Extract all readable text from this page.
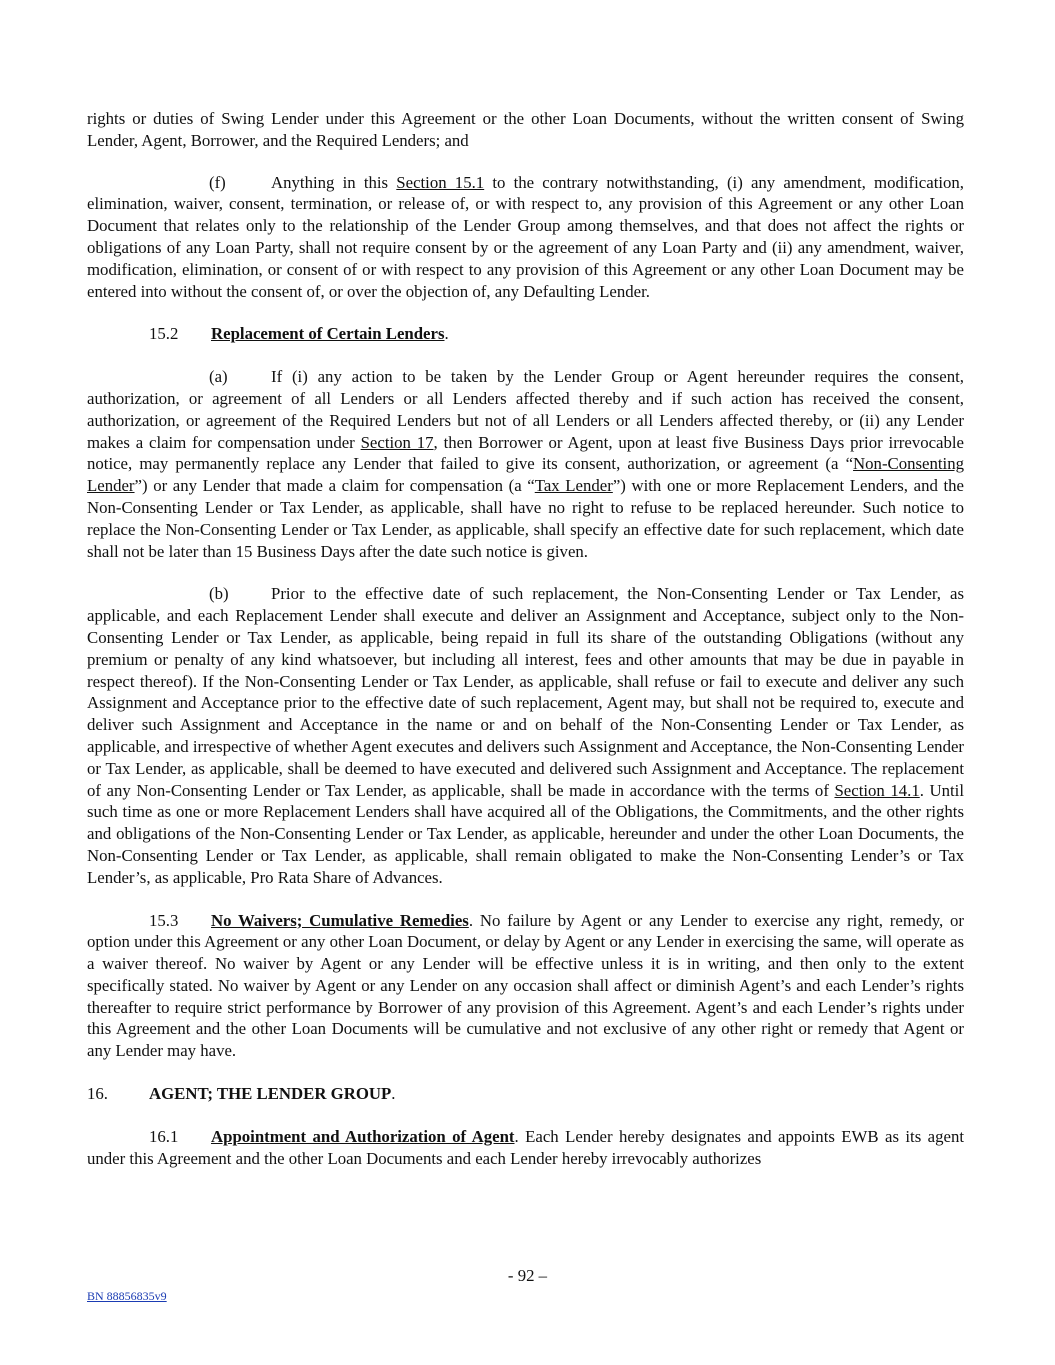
rights or duties of Swing Lender under this Agreement or the other Loan Documents, without the written consent of Swing Lender, Agent, Borrower, and the Required Lenders; and

(f)	Anything in this Section 15.1 to the contrary notwithstanding, (i) any amendment, modification, elimination, waiver, consent, termination, or release of, or with respect to, any provision of this Agreement or any other Loan Document that relates only to the relationship of the Lender Group among themselves, and that does not affect the rights or obligations of any Loan Party, shall not require consent by or the agreement of any Loan Party and (ii) any amendment, waiver, modification, elimination, or consent of or with respect to any provision of this Agreement or any other Loan Document may be entered into without the consent of, or over the objection of, any Defaulting Lender.

15.2 Replacement of Certain Lenders.

(a)	If (i) any action to be taken by the Lender Group or Agent hereunder requires the consent, authorization, or agreement of all Lenders or all Lenders affected thereby and if such action has received the consent, authorization, or agreement of the Required Lenders but not of all Lenders or all Lenders affected thereby, or (ii) any Lender makes a claim for compensation under Section 17, then Borrower or Agent, upon at least five Business Days prior irrevocable notice, may permanently replace any Lender that failed to give its consent, authorization, or agreement (a “Non-Consenting Lender”) or any Lender that made a claim for compensation (a “Tax Lender”) with one or more Replacement Lenders, and the Non-Consenting Lender or Tax Lender, as applicable, shall have no right to refuse to be replaced hereunder. Such notice to replace the Non-Consenting Lender or Tax Lender, as applicable, shall specify an effective date for such replacement, which date shall not be later than 15 Business Days after the date such notice is given.

(b)	Prior to the effective date of such replacement, the Non-Consenting Lender or Tax Lender, as applicable, and each Replacement Lender shall execute and deliver an Assignment and Acceptance, subject only to the Non-Consenting Lender or Tax Lender, as applicable, being repaid in full its share of the outstanding Obligations (without any premium or penalty of any kind whatsoever, but including all interest, fees and other amounts that may be due in payable in respect thereof). If the Non-Consenting Lender or Tax Lender, as applicable, shall refuse or fail to execute and deliver any such Assignment and Acceptance prior to the effective date of such replacement, Agent may, but shall not be required to, execute and deliver such Assignment and Acceptance in the name or and on behalf of the Non-Consenting Lender or Tax Lender, as applicable, and irrespective of whether Agent executes and delivers such Assignment and Acceptance, the Non-Consenting Lender or Tax Lender, as applicable, shall be deemed to have executed and delivered such Assignment and Acceptance. The replacement of any Non-Consenting Lender or Tax Lender, as applicable, shall be made in accordance with the terms of Section 14.1. Until such time as one or more Replacement Lenders shall have acquired all of the Obligations, the Commitments, and the other rights and obligations of the Non-Consenting Lender or Tax Lender, as applicable, hereunder and under the other Loan Documents, the Non-Consenting Lender or Tax Lender, as applicable, shall remain obligated to make the Non-Consenting Lender’s or Tax Lender’s, as applicable, Pro Rata Share of Advances.

15.3 No Waivers; Cumulative Remedies. No failure by Agent or any Lender to exercise any right, remedy, or option under this Agreement or any other Loan Document, or delay by Agent or any Lender in exercising the same, will operate as a waiver thereof. No waiver by Agent or any Lender will be effective unless it is in writing, and then only to the extent specifically stated. No waiver by Agent or any Lender on any occasion shall affect or diminish Agent’s and each Lender’s rights thereafter to require strict performance by Borrower of any provision of this Agreement. Agent’s and each Lender’s rights under this Agreement and the other Loan Documents will be cumulative and not exclusive of any other right or remedy that Agent or any Lender may have.

16. AGENT; THE LENDER GROUP.

16.1 Appointment and Authorization of Agent. Each Lender hereby designates and appoints EWB as its agent under this Agreement and the other Loan Documents and each Lender hereby irrevocably authorizes

- 92 –
BN 88856835v9
